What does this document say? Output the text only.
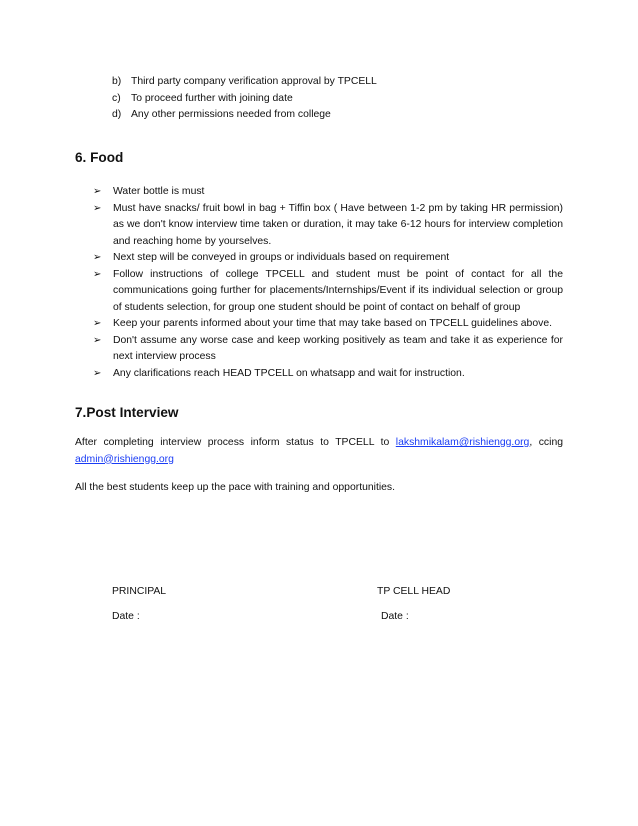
b) Third party company verification approval by TPCELL
c) To proceed further with joining date
d) Any other permissions needed from college
6. Food
➢	Water bottle is must
➢	Must have snacks/ fruit bowl in bag + Tiffin box ( Have between 1-2 pm by taking HR permission) as we don't know interview time taken or duration, it may take 6-12 hours for interview completion and reaching home by yourselves.
➢	Next step will be conveyed in groups or individuals based on requirement
➢	Follow instructions of college TPCELL and student must be point of contact for all the communications going further for placements/Internships/Event if its individual selection or group of students selection, for group one student should be point of contact on behalf of group
➢	Keep your parents informed about your time that may take based on TPCELL guidelines above.
➢	Don't assume any worse case and keep working positively as team and take it as experience for next interview process
➢	Any clarifications reach HEAD TPCELL on whatsapp and wait for instruction.
7.Post Interview
After completing interview process inform status to TPCELL to lakshmikalam@rishiengg.org, ccing
admin@rishiengg.org
All the best students keep up the pace with training and opportunities.
PRINCIPAL
Date :
TP CELL HEAD
Date :
